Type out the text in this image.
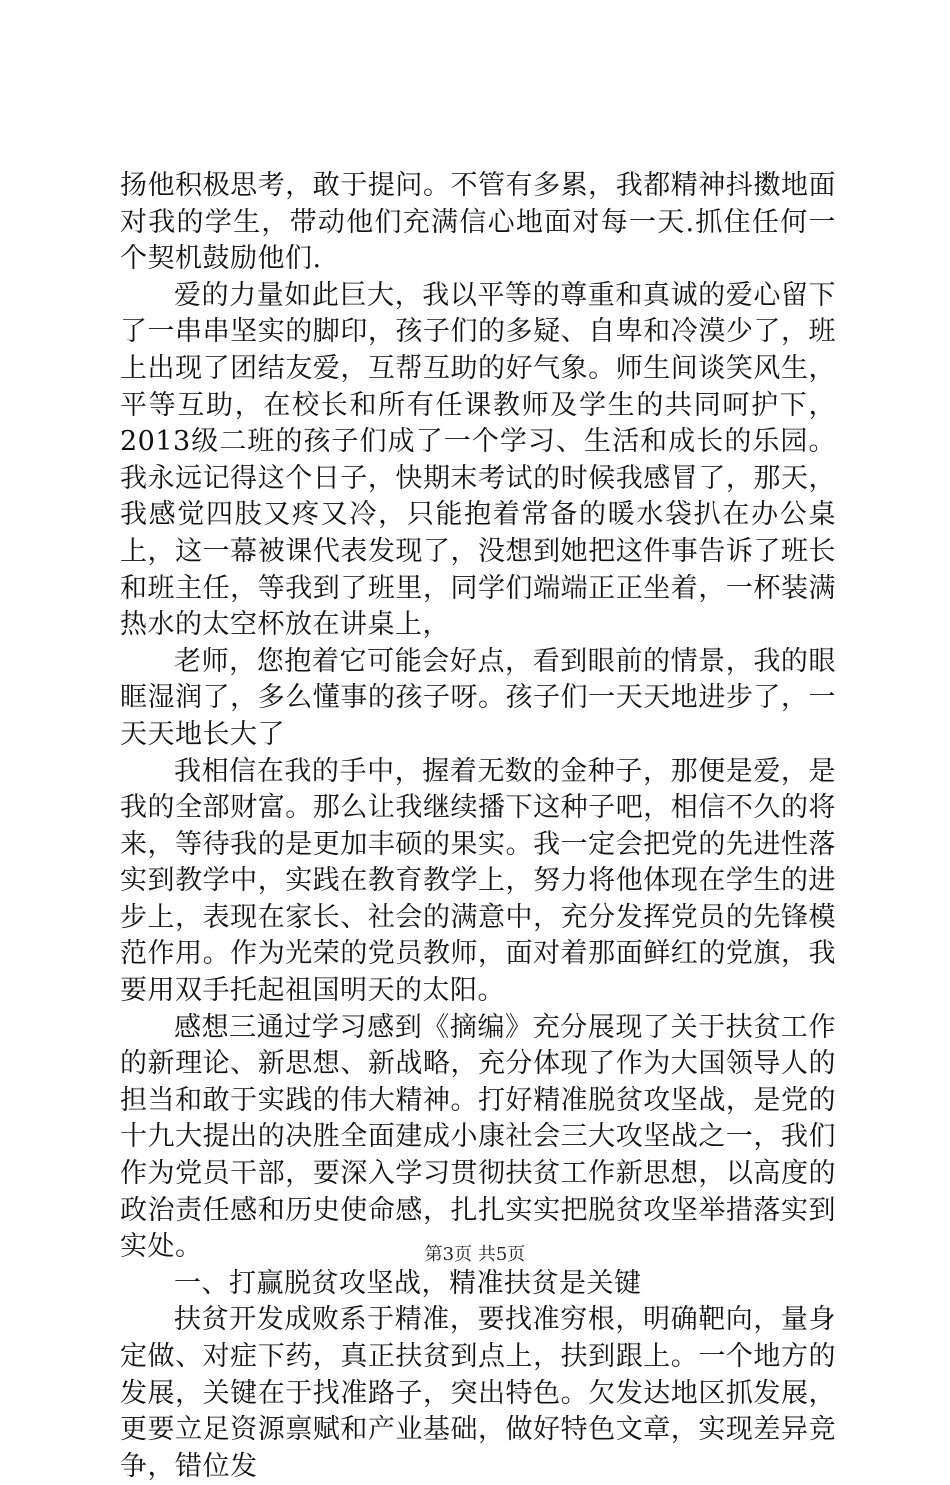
扬他积极思考，敢于提问。不管有多累，我都精神抖擞地面对我的学生，带动他们充满信心地面对每一天.抓住任何一个契机鼓励他们.

爱的力量如此巨大，我以平等的尊重和真诚的爱心留下了一串串坚实的脚印，孩子们的多疑、自卑和冷漠少了，班上出现了团结友爱，互帮互助的好气象。师生间谈笑风生，平等互助，在校长和所有任课教师及学生的共同呵护下，2013级二班的孩子们成了一个学习、生活和成长的乐园。我永远记得这个日子，快期末考试的时候我感冒了，那天，我感觉四肢又疼又冷，只能抱着常备的暖水袋扒在办公桌上，这一幕被课代表发现了，没想到她把这件事告诉了班长和班主任，等我到了班里，同学们端端正正坐着，一杯装满热水的太空杯放在讲桌上，

老师，您抱着它可能会好点，看到眼前的情景，我的眼眶湿润了，多么懂事的孩子呀。孩子们一天天地进步了，一天天地长大了

我相信在我的手中，握着无数的金种子，那便是爱，是我的全部财富。那么让我继续播下这种子吧，相信不久的将来，等待我的是更加丰硕的果实。我一定会把党的先进性落实到教学中，实践在教育教学上，努力将他体现在学生的进步上，表现在家长、社会的满意中，充分发挥党员的先锋模范作用。作为光荣的党员教师，面对着那面鲜红的党旗，我要用双手托起祖国明天的太阳。

感想三通过学习感到《摘编》充分展现了关于扶贫工作的新理论、新思想、新战略，充分体现了作为大国领导人的担当和敢于实践的伟大精神。打好精准脱贫攻坚战，是党的十九大提出的决胜全面建成小康社会三大攻坚战之一，我们作为党员干部，要深入学习贯彻扶贫工作新思想，以高度的政治责任感和历史使命感，扎扎实实把脱贫攻坚举措落实到实处。

一、打赢脱贫攻坚战，精准扶贫是关键

扶贫开发成败系于精准，要找准穷根，明确靶向，量身定做、对症下药，真正扶贫到点上，扶到跟上。一个地方的发展，关键在于找准路子，突出特色。欠发达地区抓发展，更要立足资源禀赋和产业基础，做好特色文章，实现差异竞争，错位发

第3页 共5页
